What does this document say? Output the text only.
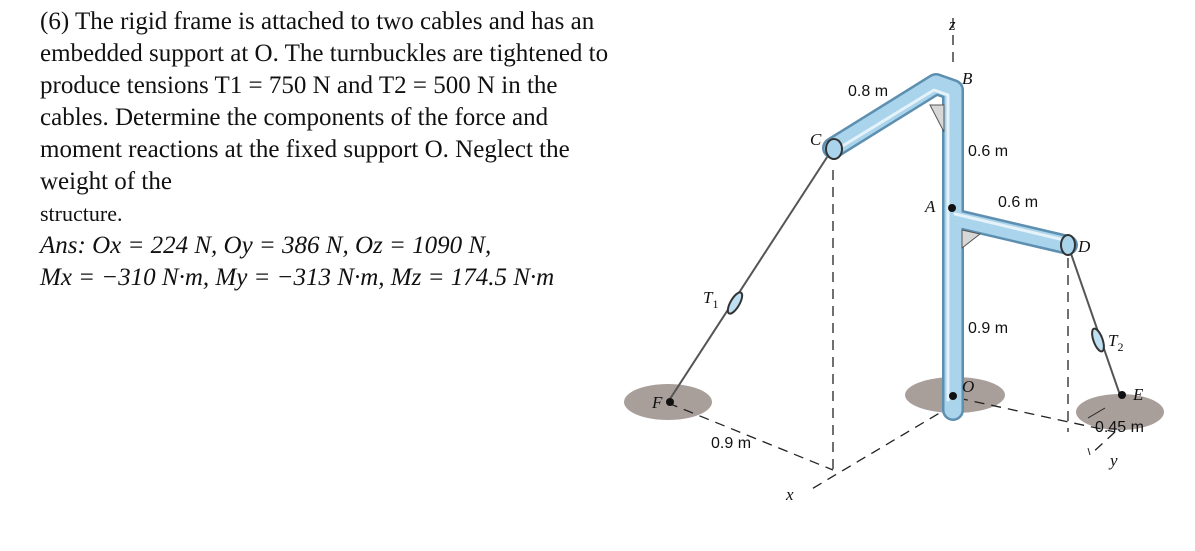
(6) The rigid frame is attached to two cables and has an embedded support at O. The turnbuckles are tightened to produce tensions T1 = 750 N and T2 = 500 N in the cables. Determine the components of the force and moment reactions at the fixed support O. Neglect the weight of the

structure.

Ans: Ox = 224 N, Oy = 386 N, Oz = 1090 N,

Mx = −310 N·m, My = −313 N·m, Mz = 174.5 N·m

z
B
C
A
D
O
F	E
x
y
0.8 m
0.6 m
0.6 m
0.9 m
0.9 m
0.45 m
$T_1$
$T_2$
